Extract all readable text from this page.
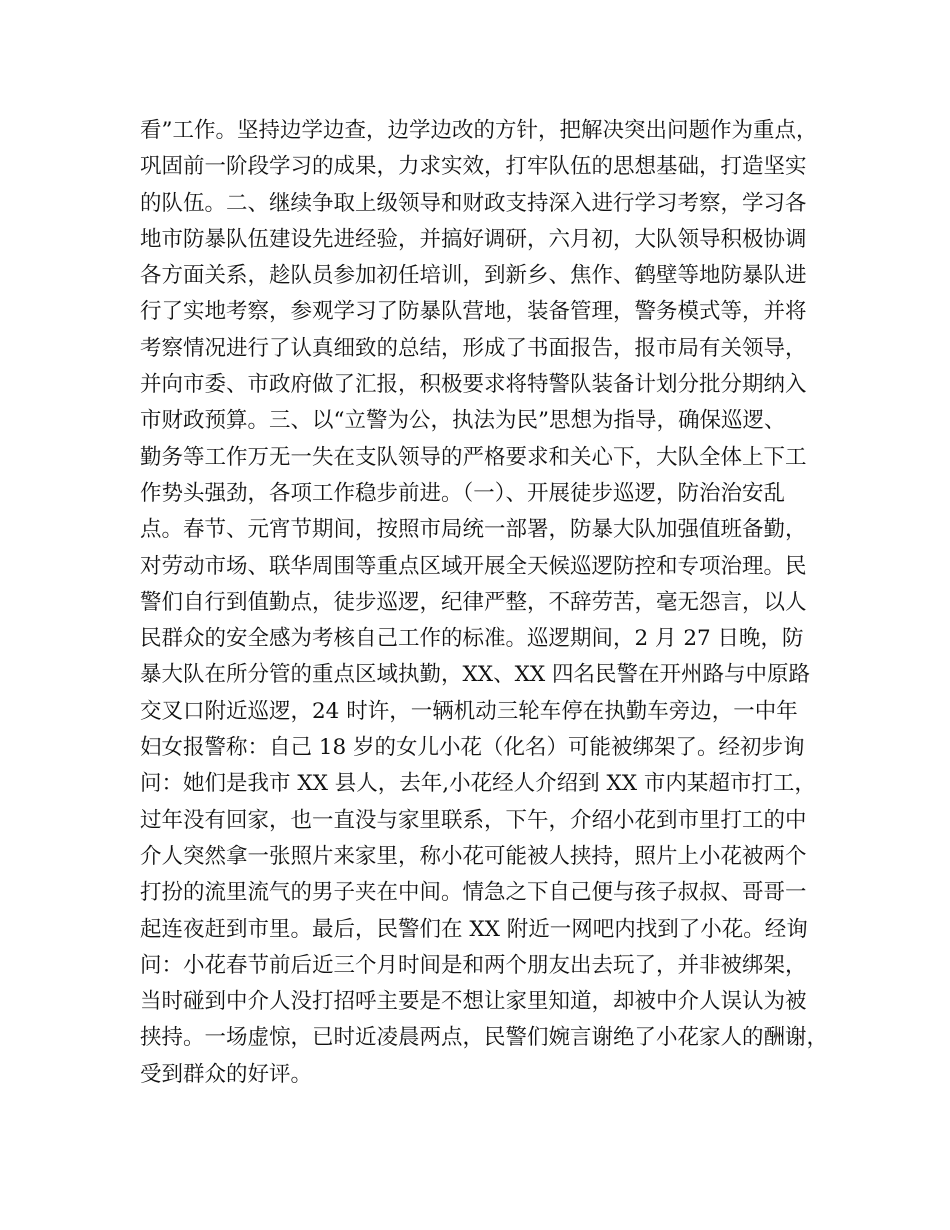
看”工作。坚持边学边查，边学边改的方针，把解决突出问题作为重点，
巩固前一阶段学习的成果，力求实效，打牢队伍的思想基础，打造坚实
的队伍。二、继续争取上级领导和财政支持深入进行学习考察，学习各
地市防暴队伍建设先进经验，并搞好调研，六月初，大队领导积极协调
各方面关系，趁队员参加初任培训，到新乡、焦作、鹤壁等地防暴队进
行了实地考察，参观学习了防暴队营地，装备管理，警务模式等，并将
考察情况进行了认真细致的总结，形成了书面报告，报市局有关领导，
并向市委、市政府做了汇报，积极要求将特警队装备计划分批分期纳入
市财政预算。三、以“立警为公，执法为民”思想为指导，确保巡逻、
勤务等工作万无一失在支队领导的严格要求和关心下，大队全体上下工
作势头强劲，各项工作稳步前进。（一）、开展徒步巡逻，防治治安乱
点。春节、元宵节期间，按照市局统一部署，防暴大队加强值班备勤，
对劳动市场、联华周围等重点区域开展全天候巡逻防控和专项治理。民
警们自行到值勤点，徒步巡逻，纪律严整，不辞劳苦，毫无怨言，以人
民群众的安全感为考核自己工作的标准。巡逻期间，2 月 27 日晚，防
暴大队在所分管的重点区域执勤，XX、XX 四名民警在开州路与中原路
交叉口附近巡逻，24 时许，一辆机动三轮车停在执勤车旁边，一中年
妇女报警称：自己 18 岁的女儿小花（化名）可能被绑架了。经初步询
问：她们是我市 XX 县人，去年,小花经人介绍到 XX 市内某超市打工，
过年没有回家，也一直没与家里联系，下午，介绍小花到市里打工的中
介人突然拿一张照片来家里，称小花可能被人挟持，照片上小花被两个
打扮的流里流气的男子夹在中间。情急之下自己便与孩子叔叔、哥哥一
起连夜赶到市里。最后，民警们在 XX 附近一网吧内找到了小花。经询
问：小花春节前后近三个月时间是和两个朋友出去玩了，并非被绑架，
当时碰到中介人没打招呼主要是不想让家里知道，却被中介人误认为被
挟持。一场虚惊，已时近凌晨两点，民警们婉言谢绝了小花家人的酬谢，
受到群众的好评。
